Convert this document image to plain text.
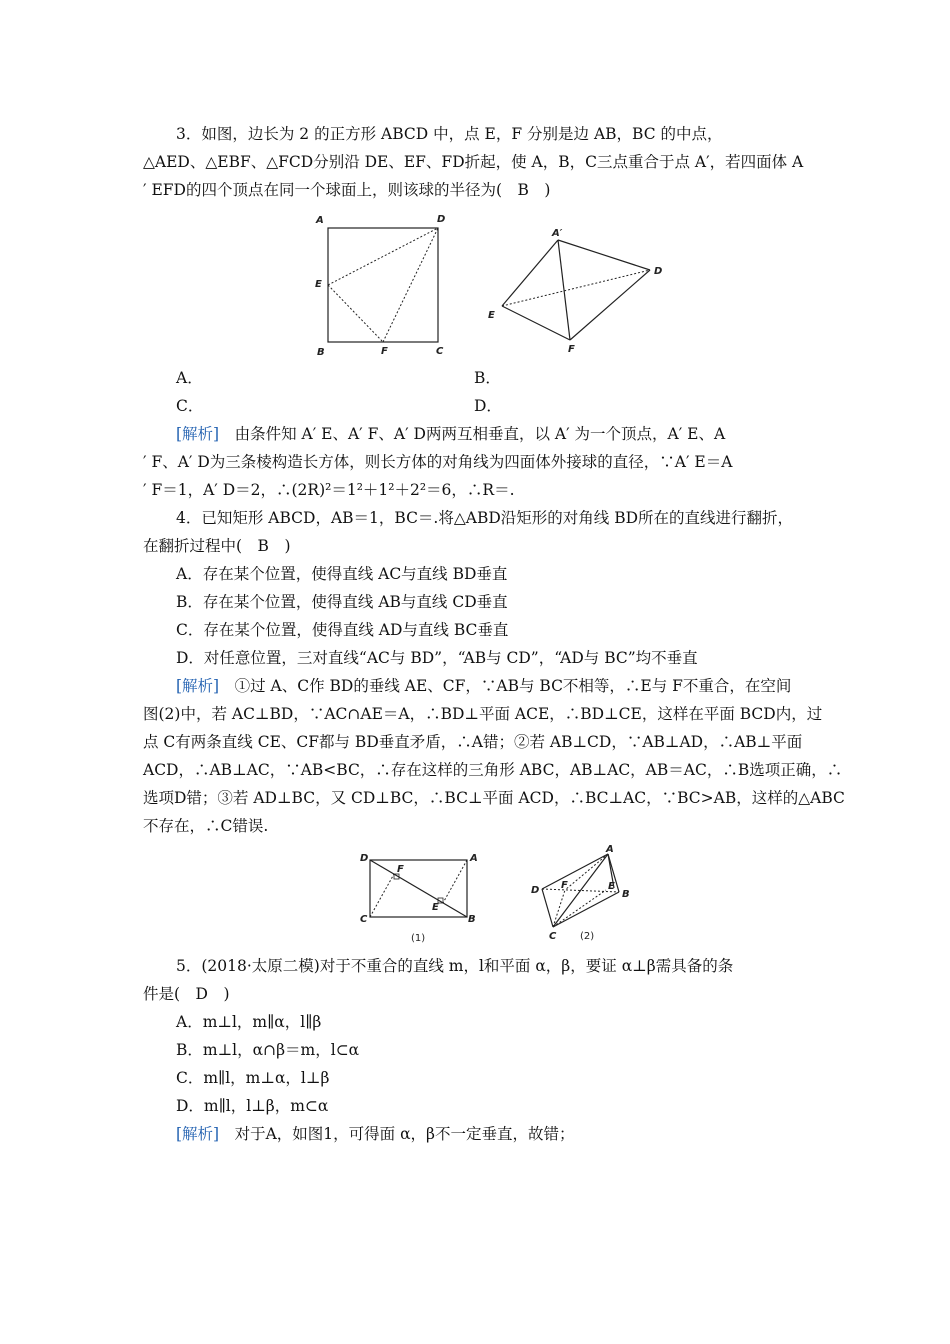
3．如图，边长为 2 的正方形 ABCD 中，点 E，F 分别是边 AB，BC 的中点，
△AED、△EBF、△FCD分别沿 DE、EF、FD折起，使 A，B，C三点重合于点 A′，若四面体 A
′ EFD的四个顶点在同一个球面上，则该球的半径为(　B　)
A	D
E
B	F	C
A′
D
E
F
A．	B．
C．	D．
[解析]　由条件知 A′ E、A′ F、A′ D两两互相垂直，以 A′ 为一个顶点，A′ E、A
′ F、A′ D为三条棱构造长方体，则长方体的对角线为四面体外接球的直径，∵A′ E＝A
′ F＝1，A′ D＝2，∴(2R)²＝1²＋1²＋2²＝6，∴R＝.
4．已知矩形 ABCD，AB＝1，BC＝.将△ABD沿矩形的对角线 BD所在的直线进行翻折，
在翻折过程中(　B　)
A．存在某个位置，使得直线 AC与直线 BD垂直
B．存在某个位置，使得直线 AB与直线 CD垂直
C．存在某个位置，使得直线 AD与直线 BC垂直
D．对任意位置，三对直线“AC与 BD”，“AB与 CD”，“AD与 BC”均不垂直
[解析]　①过 A、C作 BD的垂线 AE、CF，∵AB与 BC不相等，∴E与 F不重合，在空间
图(2)中，若 AC⊥BD，∵AC∩AE＝A，∴BD⊥平面 ACE，∴BD⊥CE，这样在平面 BCD内，过
点 C有两条直线 CE、CF都与 BD垂直矛盾，∴A错；②若 AB⊥CD，∵AB⊥AD，∴AB⊥平面
ACD，∴AB⊥AC，∵AB<BC，∴存在这样的三角形 ABC，AB⊥AC，AB＝AC，∴B选项正确，∴
选项D错；③若 AD⊥BC，又 CD⊥BC，∴BC⊥平面 ACD，∴BC⊥AC，∵BC>AB，这样的△ABC
不存在，∴C错误.
D	A
F
E
C	B
(1)
A
D F	E
B
C (2)
5．(2018·太原二模)对于不重合的直线 m，l和平面 α，β，要证 α⊥β需具备的条
件是(　D　)
A．m⊥l，m∥α，l∥β
B．m⊥l，α∩β＝m，l⊂α
C．m∥l，m⊥α，l⊥β
D．m∥l，l⊥β，m⊂α
[解析]　对于A，如图1，可得面 α，β不一定垂直，故错；
